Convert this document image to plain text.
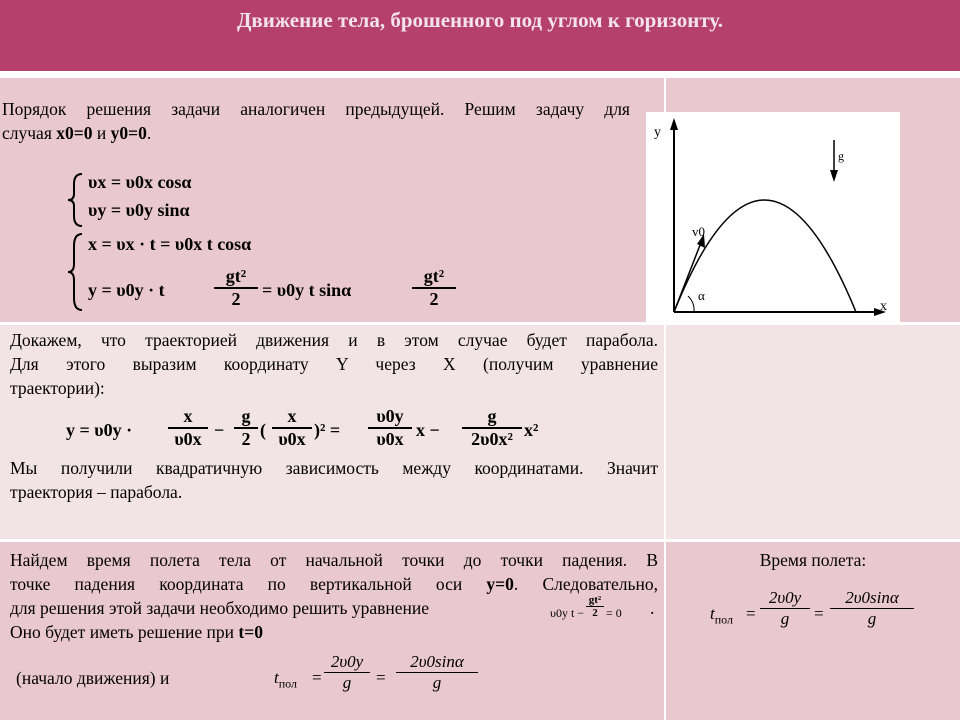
Движение тела, брошенного под углом к горизонту.
Порядок решения задачи аналогичен предыдущей. Решим задачу для
случая x0=0 и y0=0.
υx = υ0x cosα
υy = υ0y sinα
x = υx · t = υ0x t cosα
y = υ0y · t	$\frac{\text{gt²}}{2} = \upsilon 0y$ t sinα	$\frac{\text{gt²}}{2}$
y
x
v0
α
g
Докажем, что траекторией движения и в этом случае будет парабола.
Для этого выразим координату Y через X (получим уравнение
траектории):
$y = \upsilon 0y \cdot \frac{x}{\upsilon 0x} - \frac{g}{2}$ ( $\frac{x}{\upsilon 0x} )^2 = \frac{\upsilon 0y}{\upsilon 0x}$ $x - \frac{g}{\text{2υ0x²}} x^2$
Мы получили квадратичную зависимость между координатами. Значит
траектория – парабола.
Найдем время полета тела от начальной точки до точки падения. В
точке падения координата по вертикальной оси y=0. Следовательно,
для решения этой задачи необходимо решить уравнение	.
υ0y t −
gt²
2 = 0
Оно будет иметь решение при t=0
(начало движения) и	$t_{пол} = \frac{2\upsilon 0y}{g} = \frac{2\upsilon 0\sin\alpha}{g}$
Время полета:
$t_{пол} = \frac{2\upsilon 0y}{g} = \frac{2\upsilon 0\sin\alpha}{g}$
